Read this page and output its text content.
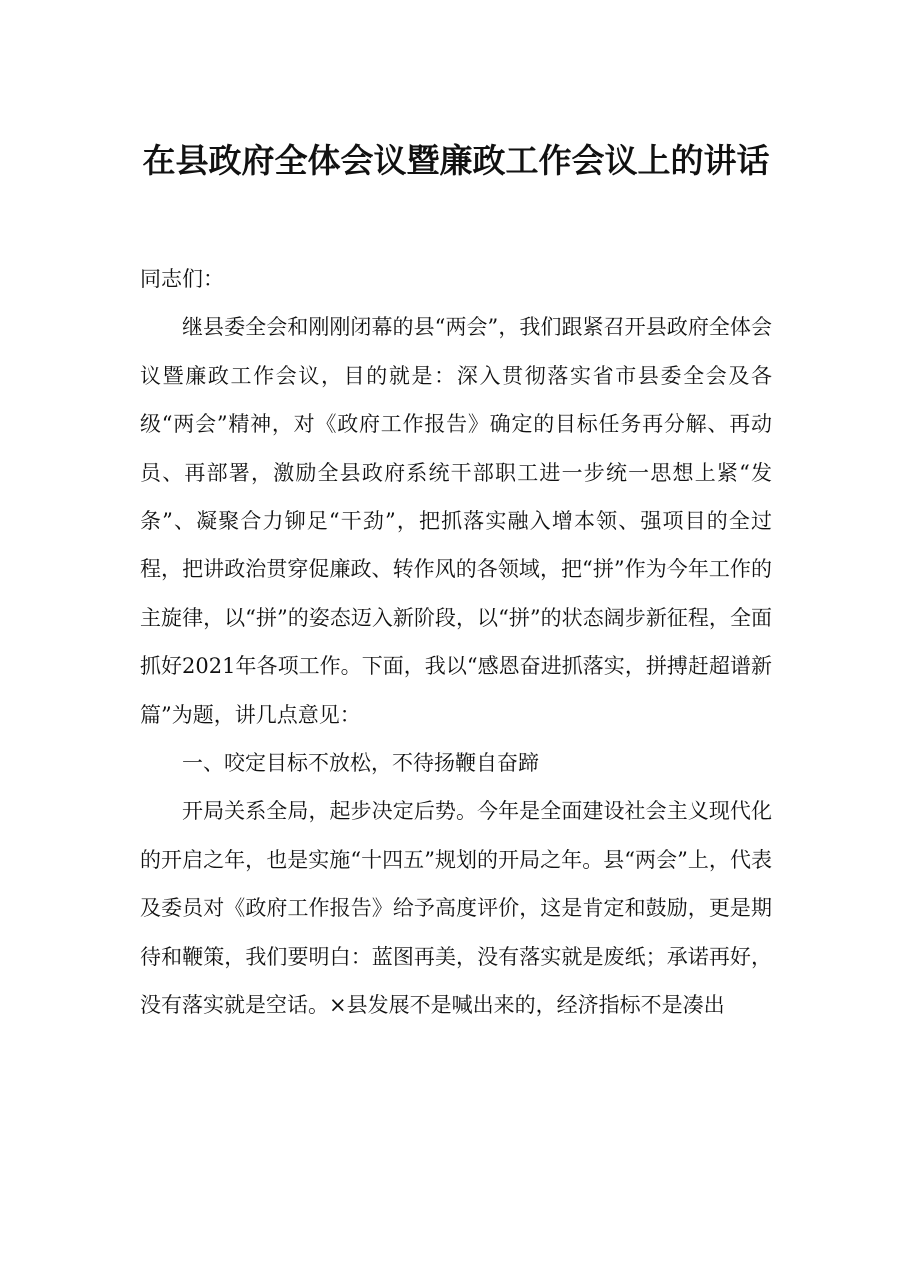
在县政府全体会议暨廉政工作会议上的讲话

同志们：

继县委全会和刚刚闭幕的县“两会”，我们跟紧召开县政府全体会议暨廉政工作会议，目的就是：深入贯彻落实省市县委全会及各级“两会”精神，对《政府工作报告》确定的目标任务再分解、再动员、再部署，激励全县政府系统干部职工进一步统一思想上紧“发条”、凝聚合力铆足“干劲”，把抓落实融入增本领、强项目的全过程，把讲政治贯穿促廉政、转作风的各领域，把“拼”作为今年工作的主旋律，以“拼”的姿态迈入新阶段，以“拼”的状态阔步新征程，全面抓好2021年各项工作。下面，我以“感恩奋进抓落实，拼搏赶超谱新篇”为题，讲几点意见：

一、咬定目标不放松，不待扬鞭自奋蹄

开局关系全局，起步决定后势。今年是全面建设社会主义现代化的开启之年，也是实施“十四五”规划的开局之年。县“两会”上，代表及委员对《政府工作报告》给予高度评价，这是肯定和鼓励，更是期待和鞭策，我们要明白：蓝图再美，没有落实就是废纸；承诺再好，没有落实就是空话。×县发展不是喊出来的，经济指标不是凑出
